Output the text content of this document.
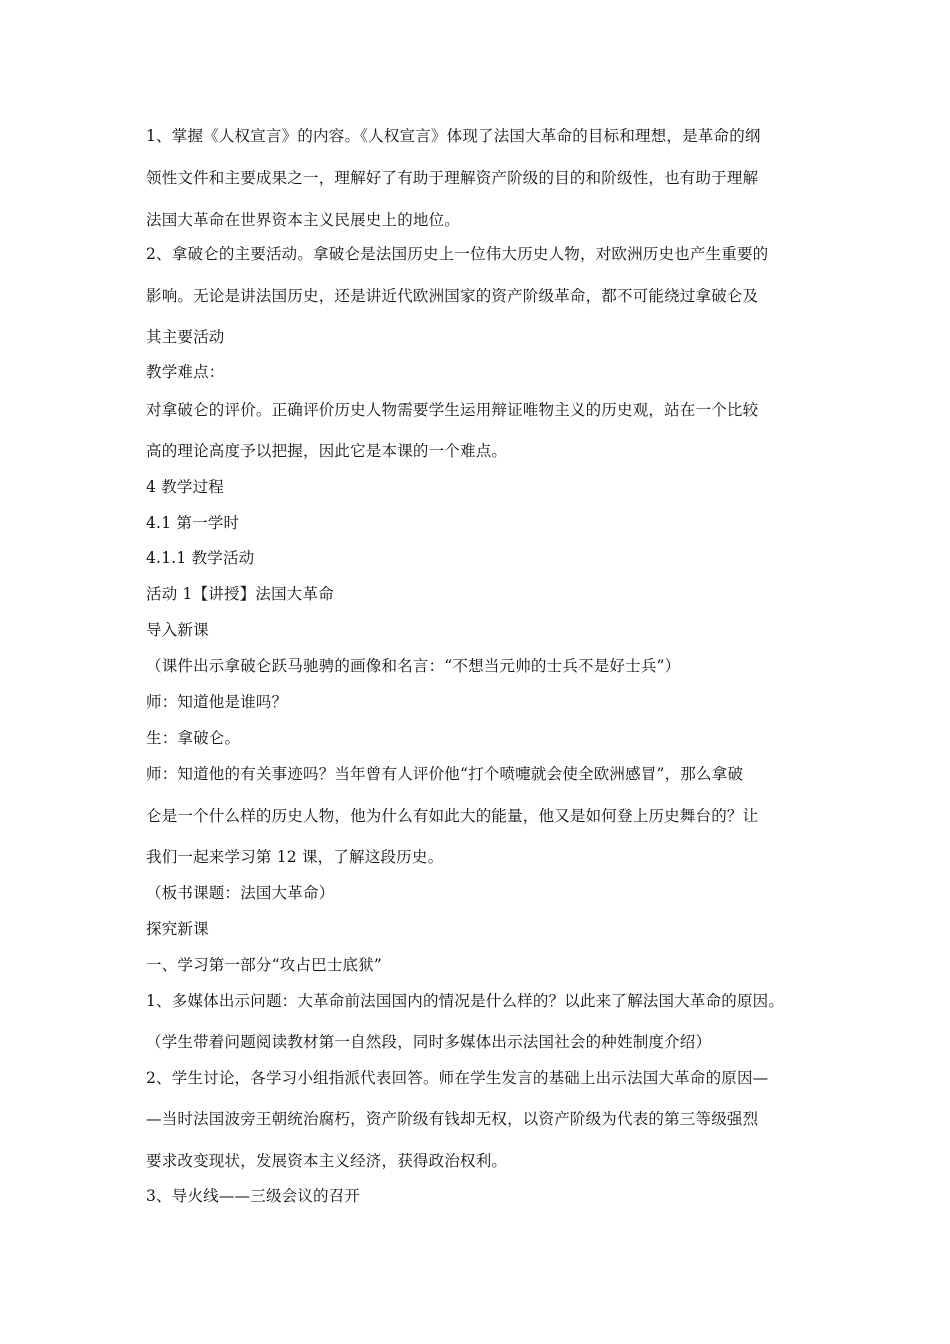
1、掌握《人权宣言》的内容。《人权宣言》体现了法国大革命的目标和理想，是革命的纲
领性文件和主要成果之一，理解好了有助于理解资产阶级的目的和阶级性，也有助于理解
法国大革命在世界资本主义民展史上的地位。
2、拿破仑的主要活动。拿破仑是法国历史上一位伟大历史人物，对欧洲历史也产生重要的
影响。无论是讲法国历史，还是讲近代欧洲国家的资产阶级革命，都不可能绕过拿破仑及
其主要活动
教学难点：
对拿破仑的评价。正确评价历史人物需要学生运用辩证唯物主义的历史观，站在一个比较
高的理论高度予以把握，因此它是本课的一个难点。
4 教学过程
4.1 第一学时
4.1.1 教学活动
活动 1【讲授】法国大革命
导入新课
（课件出示拿破仑跃马驰骋的画像和名言：“不想当元帅的士兵不是好士兵”）
师：知道他是谁吗？
生：拿破仑。
师：知道他的有关事迹吗？当年曾有人评价他“打个喷嚏就会使全欧洲感冒”，那么拿破
仑是一个什么样的历史人物，他为什么有如此大的能量，他又是如何登上历史舞台的？让
我们一起来学习第 12 课，了解这段历史。
（板书课题：法国大革命）
探究新课
一、学习第一部分“攻占巴士底狱”
1、多媒体出示问题：大革命前法国国内的情况是什么样的？以此来了解法国大革命的原因。
（学生带着问题阅读教材第一自然段，同时多媒体出示法国社会的种姓制度介绍）
2、学生讨论，各学习小组指派代表回答。师在学生发言的基础上出示法国大革命的原因—
—当时法国波旁王朝统治腐朽，资产阶级有钱却无权，以资产阶级为代表的第三等级强烈
要求改变现状，发展资本主义经济，获得政治权利。
3、导火线——三级会议的召开
